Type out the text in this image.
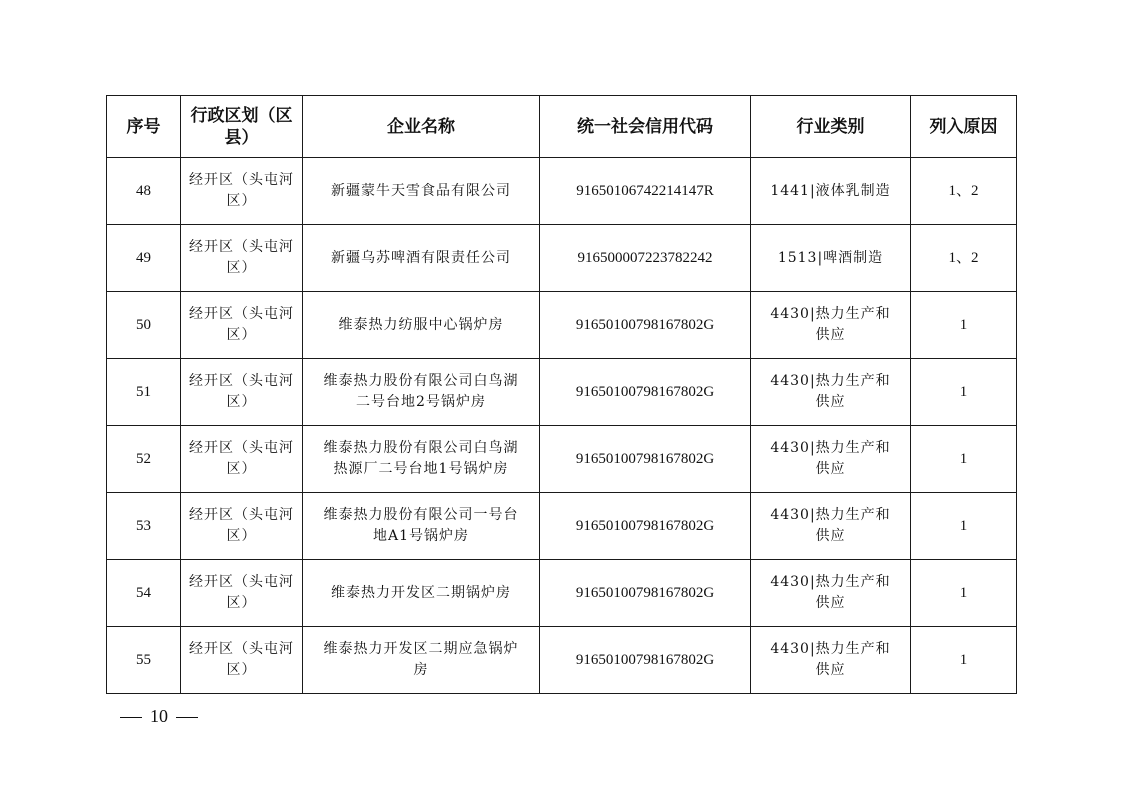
序号	行政区划（区县）	企业名称	统一社会信用代码	行业类别	列入原因
48	经开区（头屯河区）	新疆蒙牛天雪食品有限公司	91650106742214147R	1441|液体乳制造	1、2
49	经开区（头屯河区）	新疆乌苏啤酒有限责任公司	916500007223782242	1513|啤酒制造	1、2
50	经开区（头屯河区）	维泰热力纺服中心锅炉房	91650100798167802G	4430|热力生产和供应	1
51	经开区（头屯河区）	维泰热力股份有限公司白鸟湖二号台地2号锅炉房	91650100798167802G	4430|热力生产和供应	1
52	经开区（头屯河区）	维泰热力股份有限公司白鸟湖热源厂二号台地1号锅炉房	91650100798167802G	4430|热力生产和供应	1
53	经开区（头屯河区）	维泰热力股份有限公司一号台地A1号锅炉房	91650100798167802G	4430|热力生产和供应	1
54	经开区（头屯河区）	维泰热力开发区二期锅炉房	91650100798167802G	4430|热力生产和供应	1
55	经开区（头屯河区）	维泰热力开发区二期应急锅炉房	91650100798167802G	4430|热力生产和供应	1
10
